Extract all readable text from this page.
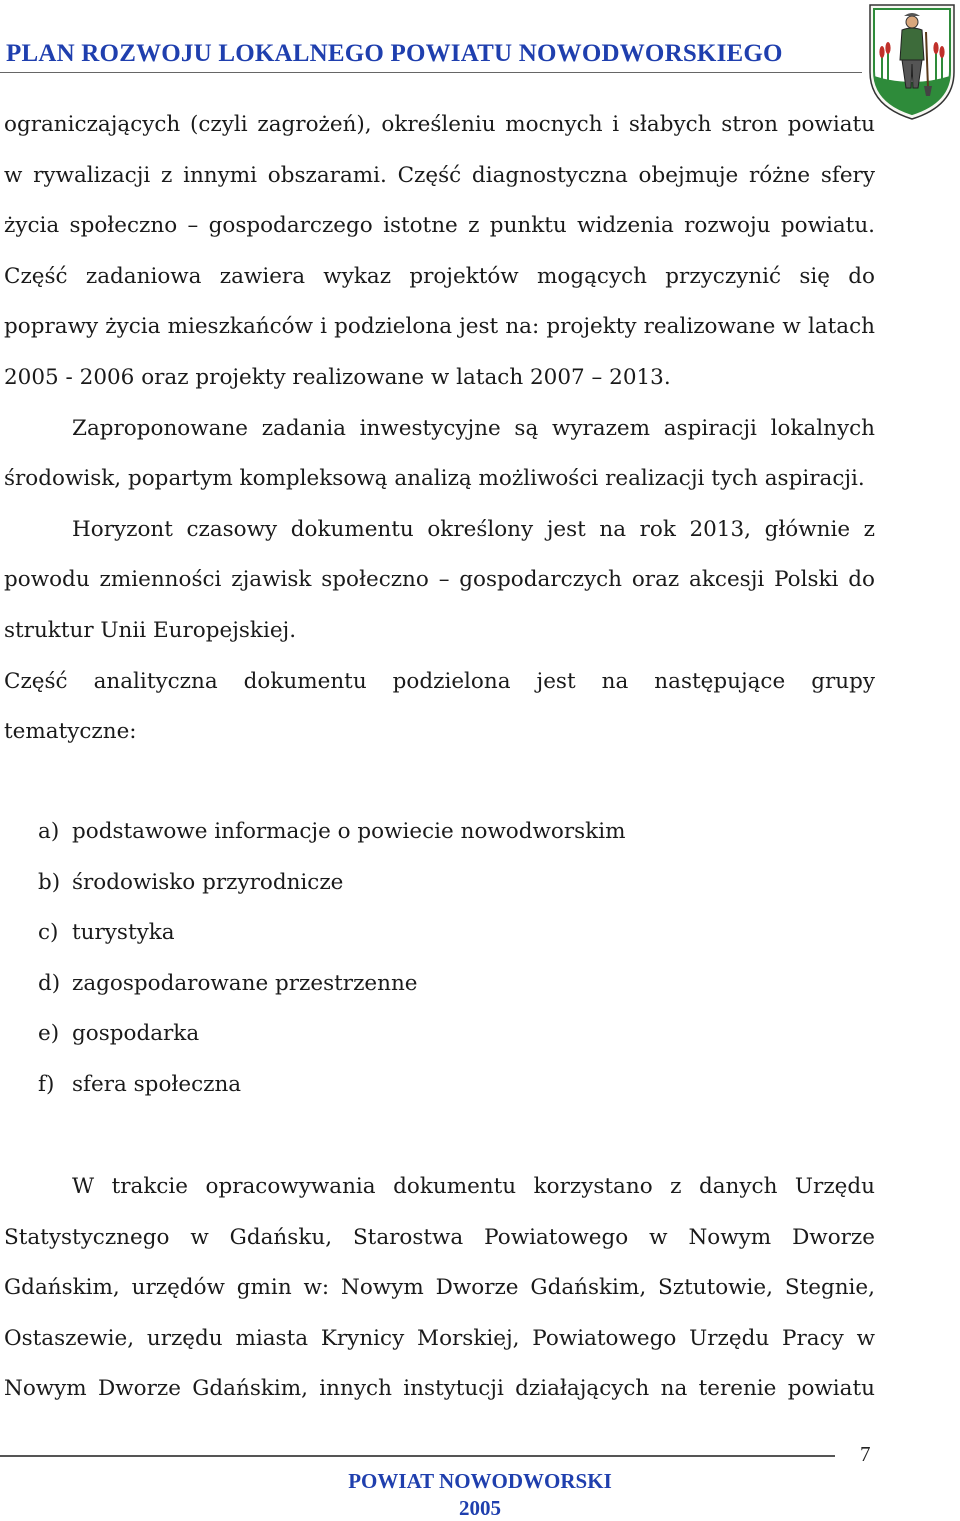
PLAN ROZWOJU LOKALNEGO POWIATU NOWODWORSKIEGO

ograniczających (czyli zagrożeń), określeniu mocnych i słabych stron powiatu w rywalizacji z innymi obszarami. Część diagnostyczna obejmuje różne sfery życia społeczno – gospodarczego istotne z punktu widzenia rozwoju powiatu. Część zadaniowa zawiera wykaz projektów mogących przyczynić się do poprawy życia mieszkańców i podzielona jest na: projekty realizowane w latach 2005 - 2006 oraz projekty realizowane w latach 2007 – 2013.

Zaproponowane zadania inwestycyjne są wyrazem aspiracji lokalnych środowisk, popartym kompleksową analizą możliwości realizacji tych aspiracji.

Horyzont czasowy dokumentu określony jest na rok 2013, głównie z powodu zmienności zjawisk społeczno – gospodarczych oraz akcesji Polski do struktur Unii Europejskiej.

Część analityczna dokumentu podzielona jest na następujące grupy tematyczne:

a) podstawowe informacje o powiecie nowodworskim
b) środowisko przyrodnicze
c) turystyka
d) zagospodarowane przestrzenne
e) gospodarka
f) sfera społeczna

W trakcie opracowywania dokumentu korzystano z danych Urzędu Statystycznego w Gdańsku, Starostwa Powiatowego w Nowym Dworze Gdańskim, urzędów gmin w: Nowym Dworze Gdańskim, Sztutowie, Stegnie, Ostaszewie, urzędu miasta Krynicy Morskiej, Powiatowego Urzędu Pracy w Nowym Dworze Gdańskim, innych instytucji działających na terenie powiatu

7
POWIAT NOWODWORSKI
2005
